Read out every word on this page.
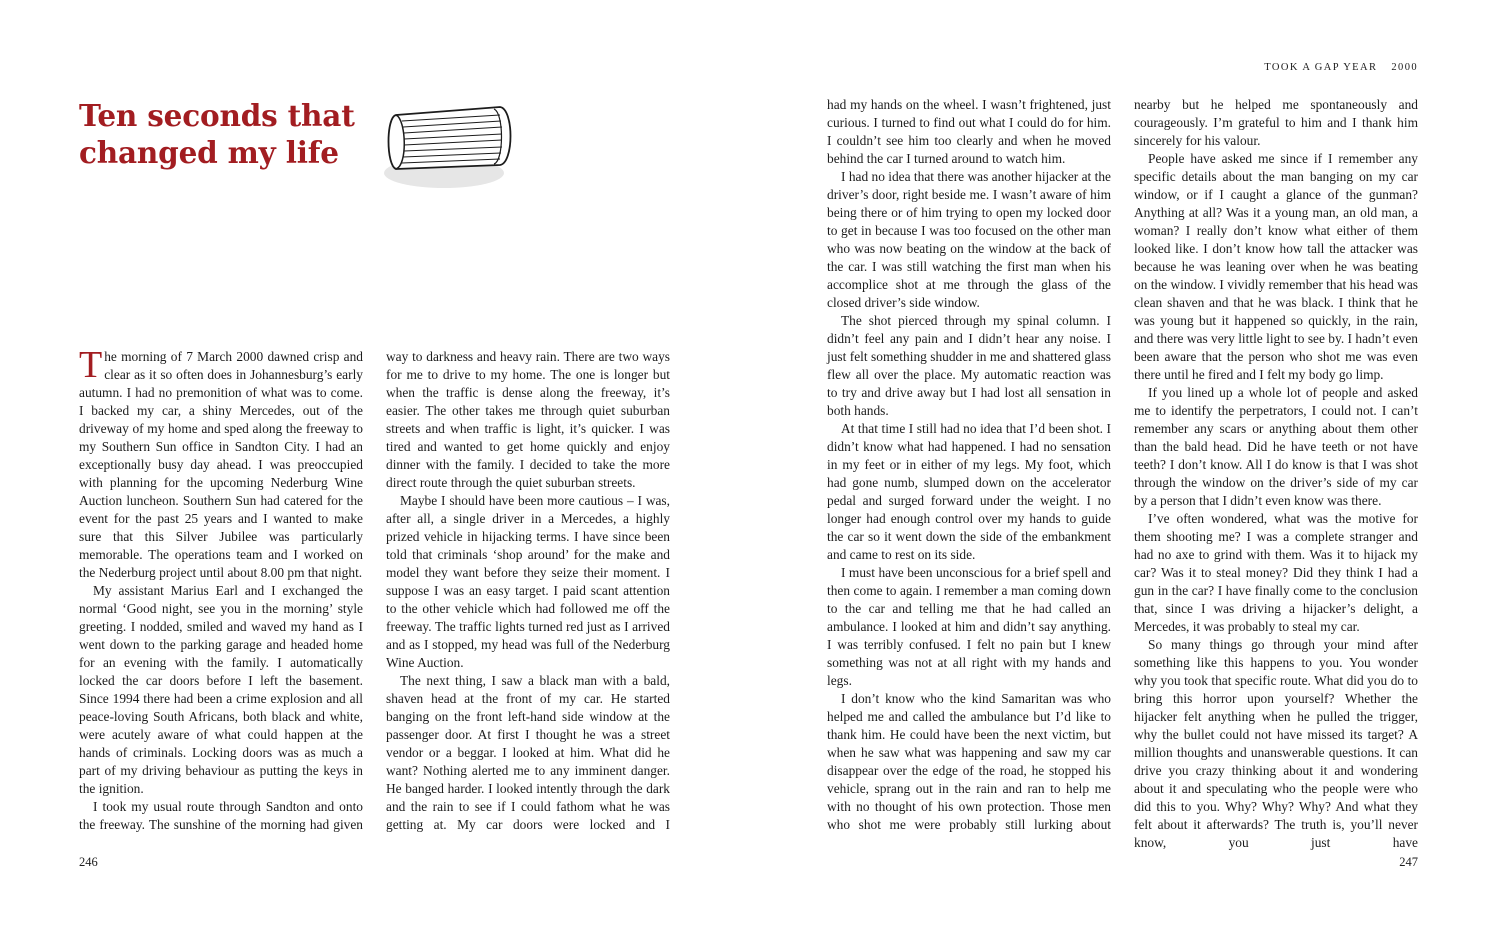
Ten seconds that
changed my life

The morning of 7 March 2000 dawned crisp and clear as it so often does in Johannesburg’s early autumn. I had no premonition of what was to come. I backed my car, a shiny Mercedes, out of the driveway of my home and sped along the freeway to my Southern Sun office in Sandton City. I had an exceptionally busy day ahead. I was preoccupied with planning for the upcoming Nederburg Wine Auction luncheon. Southern Sun had catered for the event for the past 25 years and I wanted to make sure that this Silver Jubilee was particularly memorable. The operations team and I worked on the Nederburg project until about 8.00 pm that night.

My assistant Marius Earl and I exchanged the normal ‘Good night, see you in the morning’ style greeting. I nodded, smiled and waved my hand as I went down to the parking garage and headed home for an evening with the family. I automatically locked the car doors before I left the basement. Since 1994 there had been a crime explosion and all peace-loving South Africans, both black and white, were acutely aware of what could happen at the hands of criminals. Locking doors was as much a part of my driving behaviour as putting the keys in the ignition.

I took my usual route through Sandton and onto the freeway. The sunshine of the morning had given

way to darkness and heavy rain. There are two ways for me to drive to my home. The one is longer but when the traffic is dense along the freeway, it’s easier. The other takes me through quiet suburban streets and when traffic is light, it’s quicker. I was tired and wanted to get home quickly and enjoy dinner with the family. I decided to take the more direct route through the quiet suburban streets.

Maybe I should have been more cautious – I was, after all, a single driver in a Mercedes, a highly prized vehicle in hijacking terms. I have since been told that criminals ‘shop around’ for the make and model they want before they seize their moment. I suppose I was an easy target. I paid scant attention to the other vehicle which had followed me off the freeway. The traffic lights turned red just as I arrived and as I stopped, my head was full of the Nederburg Wine Auction.

The next thing, I saw a black man with a bald, shaven head at the front of my car. He started banging on the front left-hand side window at the passenger door. At first I thought he was a street vendor or a beggar. I looked at him. What did he want? Nothing alerted me to any imminent danger. He banged harder. I looked intently through the dark and the rain to see if I could fathom what he was getting at. My car doors were locked and I

246
TOOK A GAP YEAR 2000

had my hands on the wheel. I wasn’t frightened, just curious. I turned to find out what I could do for him. I couldn’t see him too clearly and when he moved behind the car I turned around to watch him.

I had no idea that there was another hijacker at the driver’s door, right beside me. I wasn’t aware of him being there or of him trying to open my locked door to get in because I was too focused on the other man who was now beating on the window at the back of the car. I was still watching the first man when his accomplice shot at me through the glass of the closed driver’s side window.

The shot pierced through my spinal column. I didn’t feel any pain and I didn’t hear any noise. I just felt something shudder in me and shattered glass flew all over the place. My automatic reaction was to try and drive away but I had lost all sensation in both hands.

At that time I still had no idea that I’d been shot. I didn’t know what had happened. I had no sensation in my feet or in either of my legs. My foot, which had gone numb, slumped down on the accelerator pedal and surged forward under the weight. I no longer had enough control over my hands to guide the car so it went down the side of the embankment and came to rest on its side.

I must have been unconscious for a brief spell and then come to again. I remember a man coming down to the car and telling me that he had called an ambulance. I looked at him and didn’t say anything. I was terribly confused. I felt no pain but I knew something was not at all right with my hands and legs.

I don’t know who the kind Samaritan was who helped me and called the ambulance but I’d like to thank him. He could have been the next victim, but when he saw what was happening and saw my car disappear over the edge of the road, he stopped his vehicle, sprang out in the rain and ran to help me with no thought of his own protection. Those men who shot me were probably still lurking about

nearby but he helped me spontaneously and courageously. I’m grateful to him and I thank him sincerely for his valour.

People have asked me since if I remember any specific details about the man banging on my car window, or if I caught a glance of the gunman? Anything at all? Was it a young man, an old man, a woman? I really don’t know what either of them looked like. I don’t know how tall the attacker was because he was leaning over when he was beating on the window. I vividly remember that his head was clean shaven and that he was black. I think that he was young but it happened so quickly, in the rain, and there was very little light to see by. I hadn’t even been aware that the person who shot me was even there until he fired and I felt my body go limp.

If you lined up a whole lot of people and asked me to identify the perpetrators, I could not. I can’t remember any scars or anything about them other than the bald head. Did he have teeth or not have teeth? I don’t know. All I do know is that I was shot through the window on the driver’s side of my car by a person that I didn’t even know was there.

I’ve often wondered, what was the motive for them shooting me? I was a complete stranger and had no axe to grind with them. Was it to hijack my car? Was it to steal money? Did they think I had a gun in the car? I have finally come to the conclusion that, since I was driving a hijacker’s delight, a Mercedes, it was probably to steal my car.

So many things go through your mind after something like this happens to you. You wonder why you took that specific route. What did you do to bring this horror upon yourself? Whether the hijacker felt anything when he pulled the trigger, why the bullet could not have missed its target? A million thoughts and unanswerable questions. It can drive you crazy thinking about it and wondering about it and speculating who the people were who did this to you. Why? Why? Why? And what they felt about it afterwards? The truth is, you’ll never know, you just have

247
